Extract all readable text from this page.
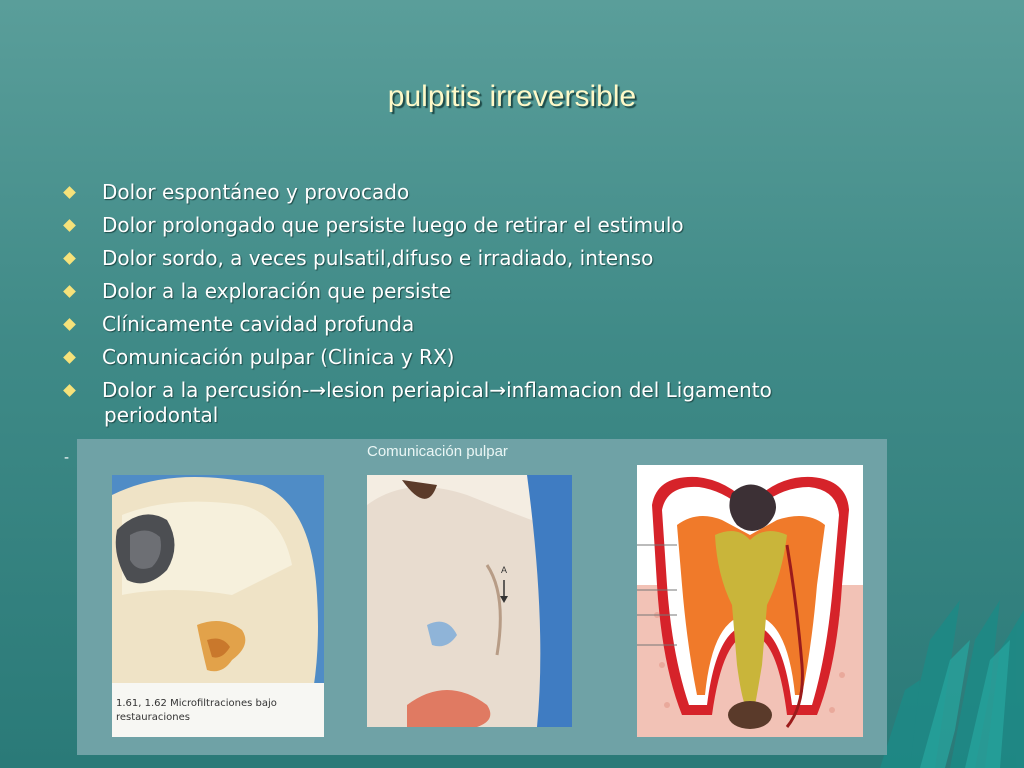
pulpitis irreversible
Dolor espontáneo y provocado
Dolor prolongado que persiste luego de retirar el estimulo
Dolor sordo, a veces pulsatil,difuso e irradiado, intenso
Dolor a la exploración que persiste
Clínicamente cavidad profunda
Comunicación pulpar (Clinica y RX)
Dolor a la percusión-→lesion periapical→inflamacion del Ligamento
periodontal
-	Comunicación pulpar
1.61, 1.62 Microfiltraciones bajo
restauraciones
A
